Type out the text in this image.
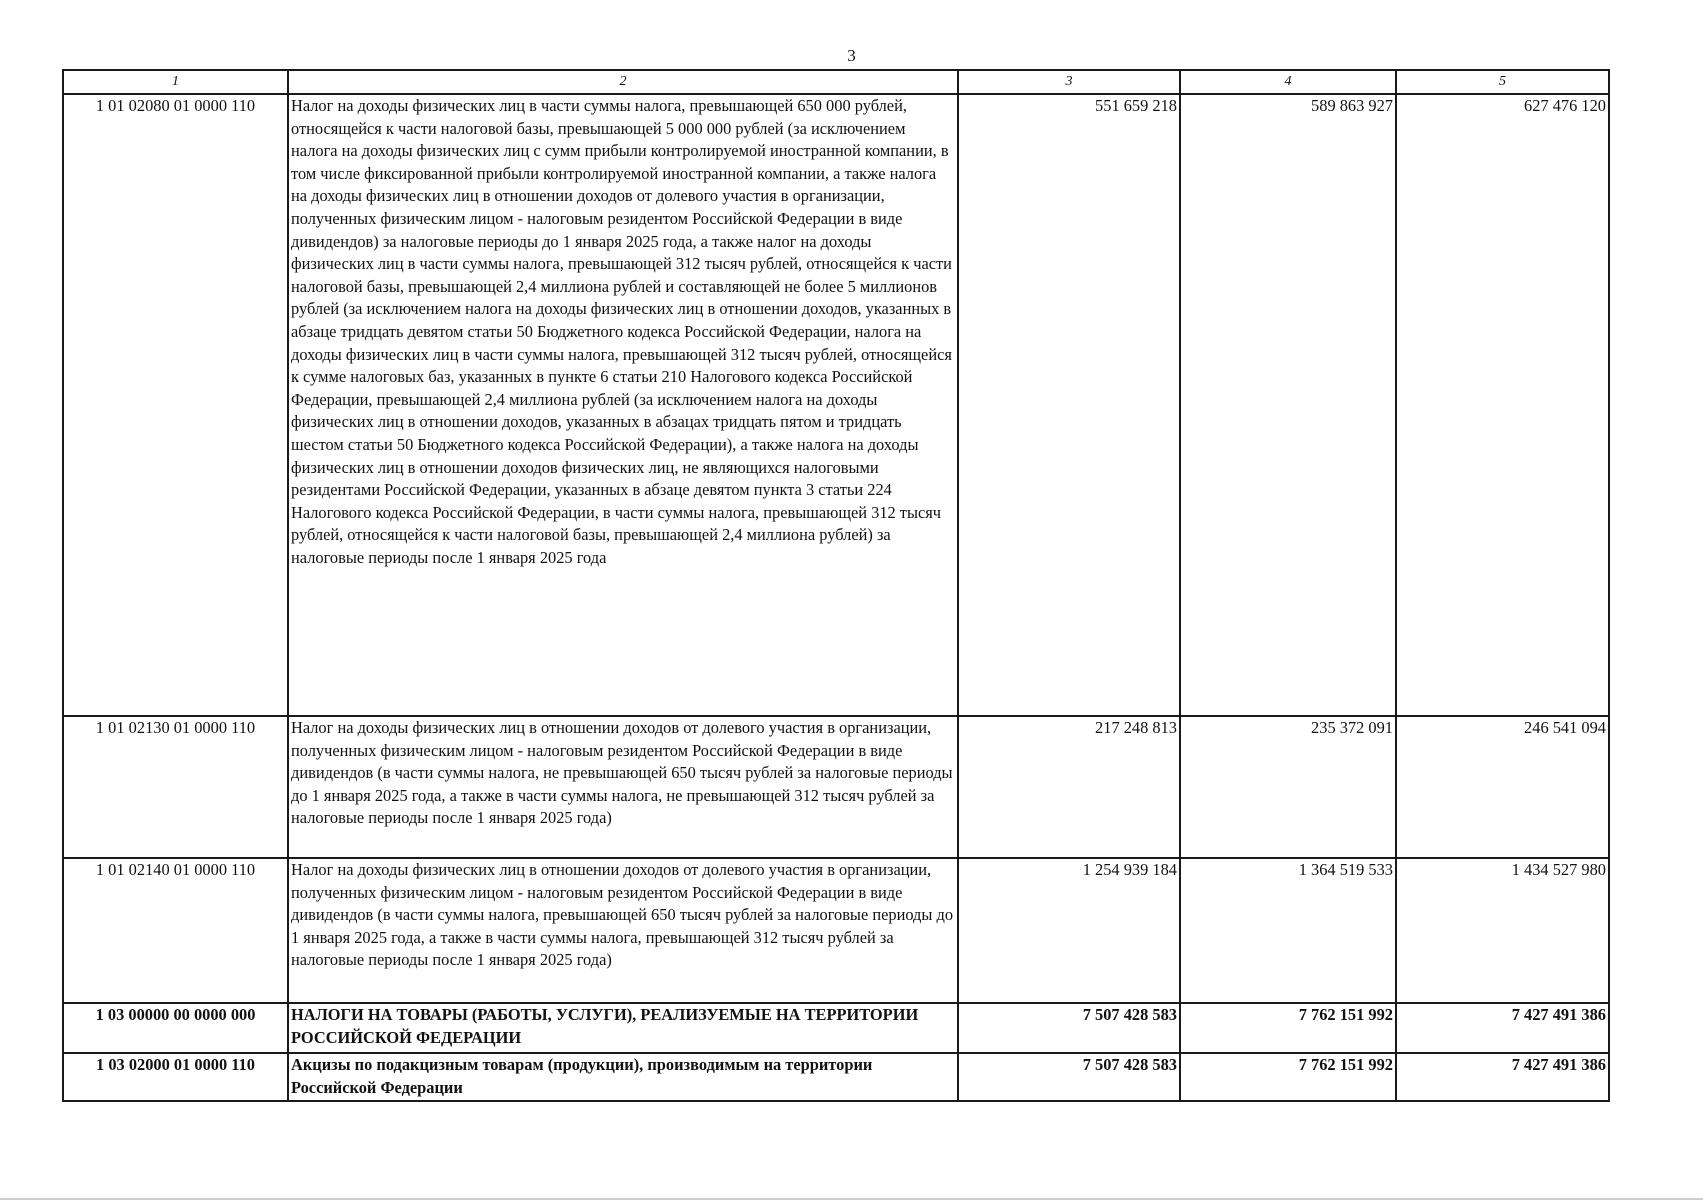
3
1	2	3	4	5
1 01 02080 01 0000 110	Налог на доходы физических лиц в части суммы налога, превышающей 650 000 рублей, относящейся к части налоговой базы, превышающей 5 000 000 рублей (за исключением налога на доходы физических лиц с сумм прибыли контролируемой иностранной компании, в том числе фиксированной прибыли контролируемой иностранной компании, а также налога на доходы физических лиц в отношении доходов от долевого участия в организации, полученных физическим лицом - налоговым резидентом Российской Федерации в виде дивидендов) за налоговые периоды до 1 января 2025 года, а также налог на доходы физических лиц в части суммы налога, превышающей 312 тысяч рублей, относящейся к части налоговой базы, превышающей 2,4 миллиона рублей и составляющей не более 5 миллионов рублей (за исключением налога на доходы физических лиц в отношении доходов, указанных в абзаце тридцать девятом статьи 50 Бюджетного кодекса Российской Федерации, налога на доходы физических лиц в части суммы налога, превышающей 312 тысяч рублей, относящейся к сумме налоговых баз, указанных в пункте 6 статьи 210 Налогового кодекса Российской Федерации, превышающей 2,4 миллиона рублей (за исключением налога на доходы физических лиц в отношении доходов, указанных в абзацах тридцать пятом и тридцать шестом статьи 50 Бюджетного кодекса Российской Федерации), а также налога на доходы физических лиц в отношении доходов физических лиц, не являющихся налоговыми резидентами Российской Федерации, указанных в абзаце девятом пункта 3 статьи 224 Налогового кодекса Российской Федерации, в части суммы налога, превышающей 312 тысяч рублей, относящейся к части налоговой базы, превышающей 2,4 миллиона рублей) за налоговые периоды после 1 января 2025 года	551 659 218	589 863 927	627 476 120
1 01 02130 01 0000 110	Налог на доходы физических лиц в отношении доходов от долевого участия в организации, полученных физическим лицом - налоговым резидентом Российской Федерации в виде дивидендов (в части суммы налога, не превышающей 650 тысяч рублей за налоговые периоды до 1 января 2025 года, а также в части суммы налога, не превышающей 312 тысяч рублей за налоговые периоды после 1 января 2025 года)	217 248 813	235 372 091	246 541 094
1 01 02140 01 0000 110	Налог на доходы физических лиц в отношении доходов от долевого участия в организации, полученных физическим лицом - налоговым резидентом Российской Федерации в виде дивидендов (в части суммы налога, превышающей 650 тысяч рублей за налоговые периоды до 1 января 2025 года, а также в части суммы налога, превышающей 312 тысяч рублей за налоговые периоды после 1 января 2025 года)	1 254 939 184	1 364 519 533	1 434 527 980
1 03 00000 00 0000 000	НАЛОГИ НА ТОВАРЫ (РАБОТЫ, УСЛУГИ), РЕАЛИЗУЕМЫЕ НА ТЕРРИТОРИИ РОССИЙСКОЙ ФЕДЕРАЦИИ	7 507 428 583	7 762 151 992	7 427 491 386
1 03 02000 01 0000 110	Акцизы по подакцизным товарам (продукции), производимым на территории Российской Федерации	7 507 428 583	7 762 151 992	7 427 491 386
